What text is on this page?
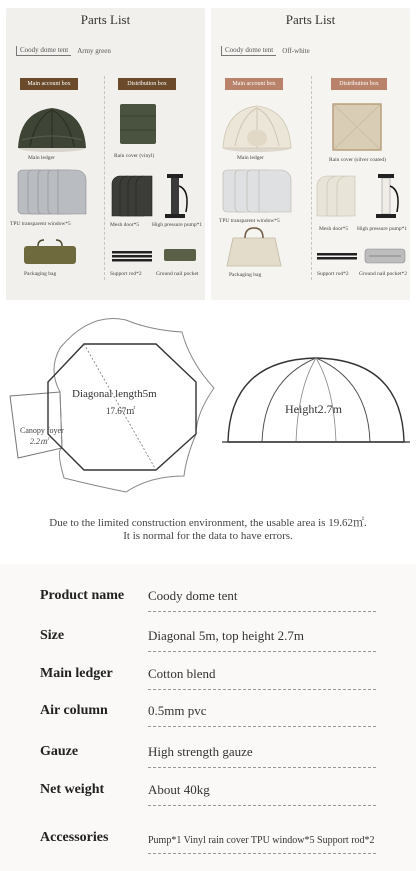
Parts List
Coody dome tent	Army green
Main account box	Distribution box
Main ledger
TPU transparent window*5
Packaging bag
Rain cover (vinyl)
Mesh door*5 High pressure pump*1
Support rod*2	Ground nail pocket
Parts List
Coody dome tent	Off-white
Main account box	Distribution box
Main ledger
TPU transparent window*5
Packaging bag
Rain cover (silver coated)
Mesh door*5 High pressure pump*1
Support rod*2 Ground nail pocket*2
Diagonal length5m
17.67㎡
Canopy foyer
2.2㎡
Height2.7m
Due to the limited construction environment, the usable area is 19.62㎡.
It is normal for the data to have errors.
Product name Coody dome tent
Size	Diagonal 5m, top height 2.7m
Main ledger	Cotton blend
Air column	0.5mm pvc
Gauze	High strength gauze
Net weight	About 40kg
Accessories	Pump*1 Vinyl rain cover TPU window*5 Support rod*2
